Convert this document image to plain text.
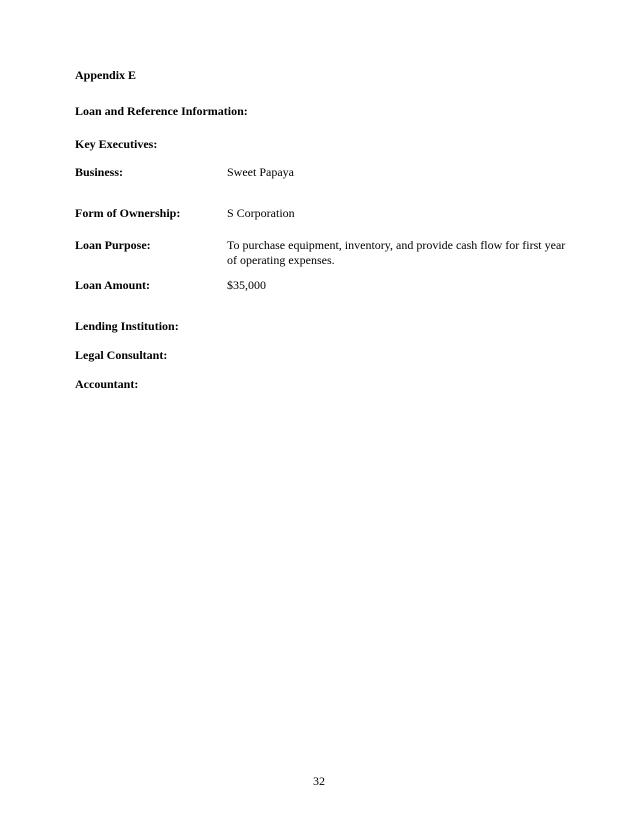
Appendix E
Loan and Reference Information:
Key Executives:
Business:	Sweet Papaya
Form of Ownership:	S Corporation
Loan Purpose:	To purchase equipment, inventory, and provide cash flow for first year of operating expenses.
Loan Amount:	$35,000
Lending Institution:
Legal Consultant:
Accountant:
32
